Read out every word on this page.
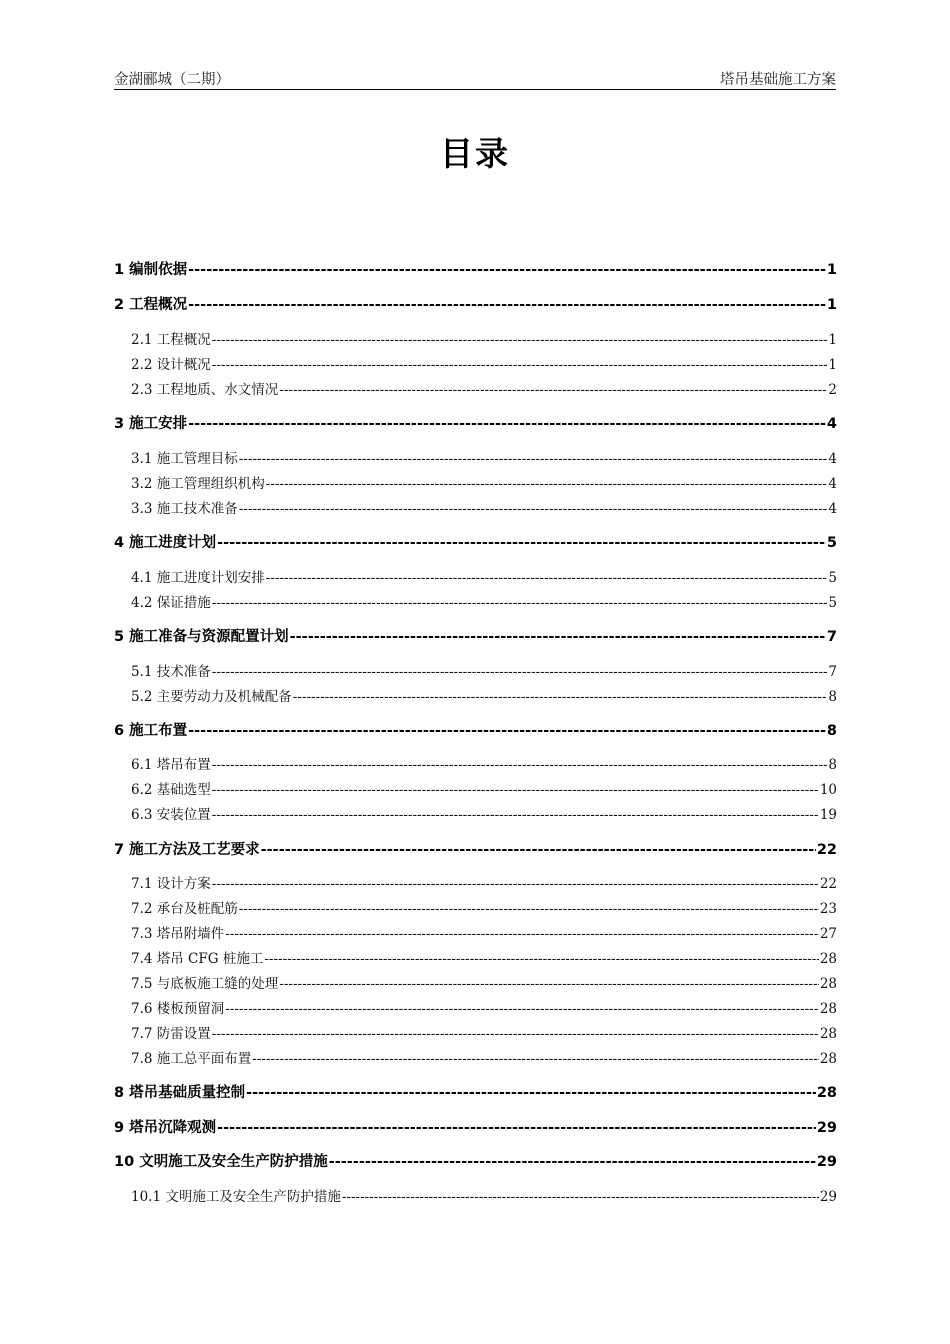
金湖郦城（二期）	塔吊基础施工方案
目录
1 编制依据 -----	1
2 工程概况 -----	1
2.1 工程概况 -----	1
2.2 设计概况 -----	1
2.3 工程地质、水文情况 -----	2
3 施工安排 -----	4
3.1 施工管理目标 -----	4
3.2 施工管理组织机构 -----	4
3.3 施工技术准备 -----	4
4 施工进度计划 -----	5
4.1 施工进度计划安排 -----	5
4.2 保证措施 -----	5
5 施工准备与资源配置计划 -----	7
5.1 技术准备 -----	7
5.2 主要劳动力及机械配备 -----	8
6 施工布置 -----	8
6.1 塔吊布置 -----	8
6.2 基础选型 -----	10
6.3 安装位置 -----	19
7 施工方法及工艺要求 -----	22
7.1 设计方案 -----	22
7.2 承台及桩配筋 -----	23
7.3 塔吊附墙件 -----	27
7.4 塔吊 CFG 桩施工 -----	28
7.5 与底板施工缝的处理 -----	28
7.6 楼板预留洞 -----	28
7.7 防雷设置 -----	28
7.8 施工总平面布置 -----	28
8 塔吊基础质量控制 -----	28
9 塔吊沉降观测 -----	29
10 文明施工及安全生产防护措施 -----	29
10.1 文明施工及安全生产防护措施 -----	29
